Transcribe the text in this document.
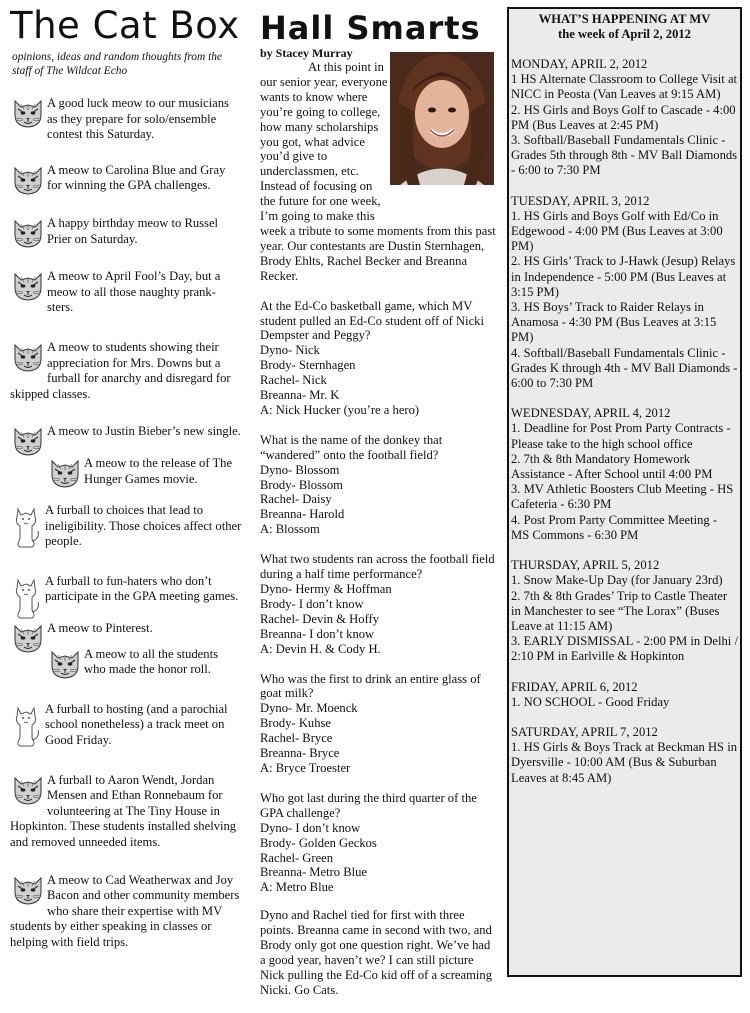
The Cat Box
opinions, ideas and random thoughts from the staff of The Wildcat Echo
A good luck meow to our musicians as they prepare for solo/ensemble contest this Saturday.
A meow to Carolina Blue and Gray for winning the GPA challenges.
A happy birthday meow to Russel Prier on Saturday.
A meow to April Fool’s Day, but a meow to all those naughty prank-sters.
A meow to students showing their appreciation for Mrs. Downs but a furball for anarchy and disregard for skipped classes.
A meow to Justin Bieber’s new single.
A meow to the release of The Hunger Games movie.
A furball to choices that lead to ineligibility. Those choices affect other people.
A furball to fun-haters who don’t participate in the GPA meeting games.
A meow to Pinterest.
A meow to all the students who made the honor roll.
A furball to hosting (and a parochial school nonetheless) a track meet on Good Friday.
A furball to Aaron Wendt, Jordan Mensen and Ethan Ronnebaum for volunteering at The Tiny House in Hopkinton. These students installed shelving and removed unneeded items.
A meow to Cad Weatherwax and Joy Bacon and other community members who share their expertise with MV students by either speaking in classes or helping with field trips.
Hall Smarts
by Stacey Murray

At this point in our senior year, everyone wants to know where you’re going to college, how many scholarships you got, what advice you’d give to underclassmen, etc. Instead of focusing on the future for one week, I’m going to make this week a tribute to some moments from this past year. Our contestants are Dustin Sternhagen, Brody Ehlts, Rachel Becker and Breanna Recker.

At the Ed-Co basketball game, which MV student pulled an Ed-Co student off of Nicki Dempster and Peggy?
Dyno- Nick
Brody- Sternhagen
Rachel- Nick
Breanna- Mr. K
A: Nick Hucker (you’re a hero)

What is the name of the donkey that “wandered” onto the football field?
Dyno- Blossom
Brody- Blossom
Rachel- Daisy
Breanna- Harold
A: Blossom

What two students ran across the football field during a half time performance?
Dyno- Hermy & Hoffman
Brody- I don’t know
Rachel- Devin & Hoffy
Breanna- I don’t know
A: Devin H. & Cody H.

Who was the first to drink an entire glass of goat milk?
Dyno- Mr. Moenck
Brody- Kuhse
Rachel- Bryce
Breanna- Bryce
A: Bryce Troester

Who got last during the third quarter of the GPA challenge?
Dyno- I don’t know
Brody- Golden Geckos
Rachel- Green
Breanna- Metro Blue
A: Metro Blue

Dyno and Rachel tied for first with three points. Breanna came in second with two, and Brody only got one question right. We’ve had a good year, haven’t we? I can still picture Nick pulling the Ed-Co kid off of a screaming Nicki. Go Cats.

WHAT’S HAPPENING AT MV
the week of April 2, 2012
MONDAY, APRIL 2, 2012
1 HS Alternate Classroom to College Visit at NICC in Peosta (Van Leaves at 9:15 AM)
2. HS Girls and Boys Golf to Cascade - 4:00 PM (Bus Leaves at 2:45 PM)
3. Softball/Baseball Fundamentals Clinic - Grades 5th through 8th - MV Ball Diamonds - 6:00 to 7:30 PM
TUESDAY, APRIL 3, 2012
1. HS Girls and Boys Golf with Ed/Co in Edgewood - 4:00 PM (Bus Leaves at 3:00 PM)
2. HS Girls’ Track to J-Hawk (Jesup) Relays in Independence - 5:00 PM (Bus Leaves at 3:15 PM)
3. HS Boys’ Track to Raider Relays in Anamosa - 4:30 PM (Bus Leaves at 3:15 PM)
4. Softball/Baseball Fundamentals Clinic - Grades K through 4th - MV Ball Diamonds - 6:00 to 7:30 PM
WEDNESDAY, APRIL 4, 2012
1. Deadline for Post Prom Party Contracts - Please take to the high school office
2. 7th & 8th Mandatory Homework Assistance - After School until 4:00 PM
3. MV Athletic Boosters Club Meeting - HS Cafeteria - 6:30 PM
4. Post Prom Party Committee Meeting - MS Commons - 6:30 PM
THURSDAY, APRIL 5, 2012
1. Snow Make-Up Day (for January 23rd)
2. 7th & 8th Grades’ Trip to Castle Theater in Manchester to see “The Lorax” (Buses Leave at 11:15 AM)
3. EARLY DISMISSAL - 2:00 PM in Delhi / 2:10 PM in Earlville & Hopkinton
FRIDAY, APRIL 6, 2012
1. NO SCHOOL - Good Friday
SATURDAY, APRIL 7, 2012
1. HS Girls & Boys Track at Beckman HS in Dyersville - 10:00 AM (Bus & Suburban Leaves at 8:45 AM)
